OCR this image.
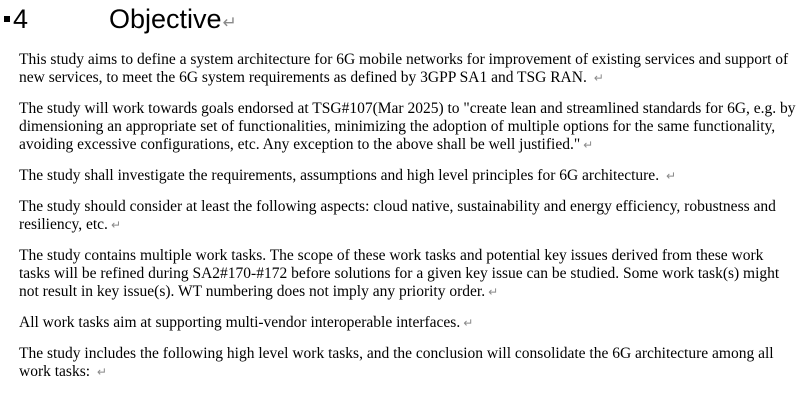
4	Objective↵

This study aims to define a system architecture for 6G mobile networks for improvement of existing services and support of new services, to meet the 6G system requirements as defined by 3GPP SA1 and TSG RAN. ↵

The study will work towards goals endorsed at TSG#107(Mar 2025) to "create lean and streamlined standards for 6G, e.g. by dimensioning an appropriate set of functionalities, minimizing the adoption of multiple options for the same functionality, avoiding excessive configurations, etc. Any exception to the above shall be well justified." ↵

The study shall investigate the requirements, assumptions and high level principles for 6G architecture. ↵

The study should consider at least the following aspects: cloud native, sustainability and energy efficiency, robustness and resiliency, etc. ↵

The study contains multiple work tasks. The scope of these work tasks and potential key issues derived from these work tasks will be refined during SA2#170-#172 before solutions for a given key issue can be studied. Some work task(s) might not result in key issue(s). WT numbering does not imply any priority order. ↵

All work tasks aim at supporting multi-vendor interoperable interfaces. ↵

The study includes the following high level work tasks, and the conclusion will consolidate the 6G architecture among all work tasks: ↵
